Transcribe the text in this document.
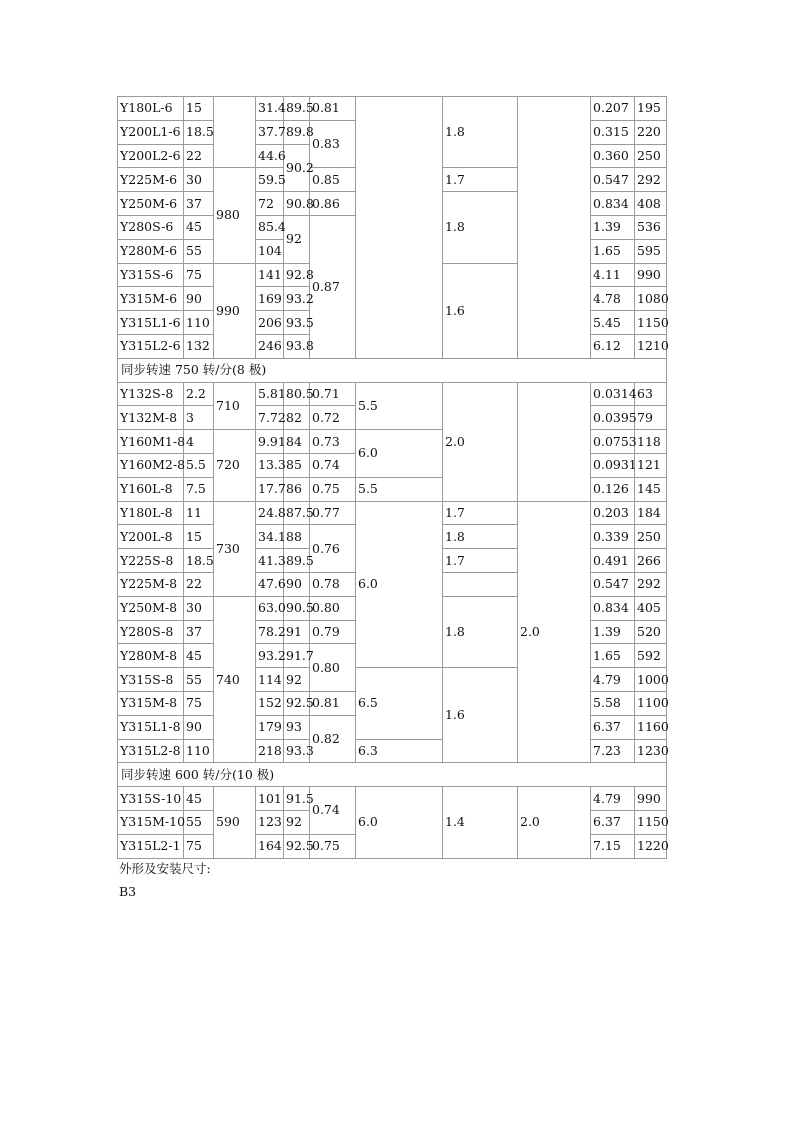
Y180L-6	15		31.4	89.5	0.81		1.8		0.207	195
Y200L1-6	18.5		37.7	89.8	0.83				0.315	220
Y200L2-6	22		44.6	90.2					0.360	250
Y225M-6	30	980	59.5		0.85		1.7		0.547	292
Y250M-6	37		72	90.8	0.86		1.8		0.834	408
Y280S-6	45		85.4	92	0.87				1.39	536
Y280M-6	55		104						1.65	595
Y315S-6	75	990	141	92.8			1.6		4.11	990
Y315M-6	90		169	93.2					4.78	1080
Y315L1-6	110		206	93.5					5.45	1150
Y315L2-6	132		246	93.8					6.12	1210
同步转速 750 转/分(8 极)										
Y132S-8	2.2	710	5.81	80.5	0.71	5.5	2.0		0.0314	63
Y132M-8	3		7.72	82	0.72				0.0395	79
Y160M1-8	4	720	9.91	84	0.73	6.0			0.0753	118
Y160M2-8	5.5		13.3	85	0.74				0.0931	121
Y160L-8	7.5		17.7	86	0.75	5.5			0.126	145
Y180L-8	11	730	24.8	87.5	0.77	6.0	1.7	2.0	0.203	184
Y200L-8	15		34.1	88	0.76		1.8		0.339	250
Y225S-8	18.5		41.3	89.5			1.7		0.491	266
Y225M-8	22		47.6	90	0.78				0.547	292
Y250M-8	30	740	63.0	90.5	0.80		1.8		0.834	405
Y280S-8	37		78.2	91	0.79				1.39	520
Y280M-8	45		93.2	91.7	0.80				1.65	592
Y315S-8	55		114	92		6.5	1.6		4.79	1000
Y315M-8	75		152	92.5	0.81				5.58	1100
Y315L1-8	90		179	93	0.82				6.37	1160
Y315L2-8	110		218	93.3		6.3			7.23	1230
同步转速 600 转/分(10 极)										
Y315S-10	45	590	101	91.5	0.74	6.0	1.4	2.0	4.79	990
Y315M-10	55		123	92					6.37	1150
Y315L2-1	75		164	92.5	0.75				7.15	1220
外形及安装尺寸:
B3
